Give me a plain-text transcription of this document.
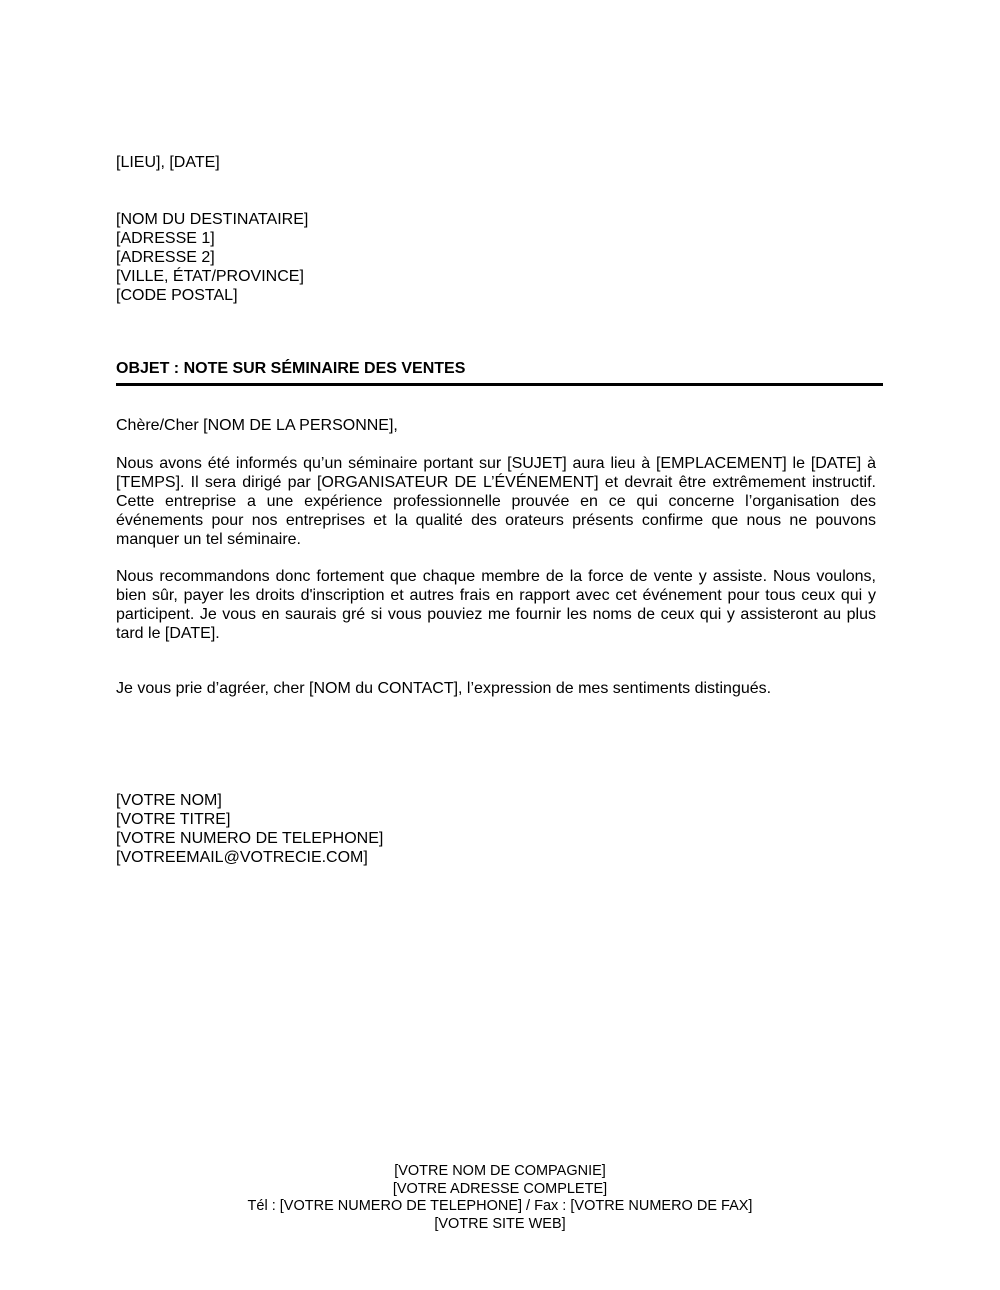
[LIEU], [DATE]
[NOM DU DESTINATAIRE]
[ADRESSE 1]
[ADRESSE 2]
[VILLE, ÉTAT/PROVINCE]
[CODE POSTAL]
OBJET : NOTE SUR SÉMINAIRE DES VENTES
Chère/Cher [NOM DE LA PERSONNE],
Nous avons été informés qu’un séminaire portant sur [SUJET] aura lieu à [EMPLACEMENT] le [DATE] à [TEMPS]. Il sera dirigé par [ORGANISATEUR DE L’ÉVÉNEMENT] et devrait être extrêmement instructif. Cette entreprise a une expérience professionnelle prouvée en ce qui concerne l’organisation des événements pour nos entreprises et la qualité des orateurs présents confirme que nous ne pouvons manquer un tel séminaire.
Nous recommandons donc fortement que chaque membre de la force de vente y assiste. Nous voulons, bien sûr, payer les droits d'inscription et autres frais en rapport avec cet événement pour tous ceux qui y participent. Je vous en saurais gré si vous pouviez me fournir les noms de ceux qui y assisteront au plus tard le [DATE].
Je vous prie d’agréer, cher [NOM du CONTACT], l’expression de mes sentiments distingués.
[VOTRE NOM]
[VOTRE TITRE]
[VOTRE NUMERO DE TELEPHONE]
[VOTREEMAIL@VOTRECIE.COM]
[VOTRE NOM DE COMPAGNIE]
[VOTRE ADRESSE COMPLETE]
Tél : [VOTRE NUMERO DE TELEPHONE] / Fax : [VOTRE NUMERO DE FAX]
[VOTRE SITE WEB]
